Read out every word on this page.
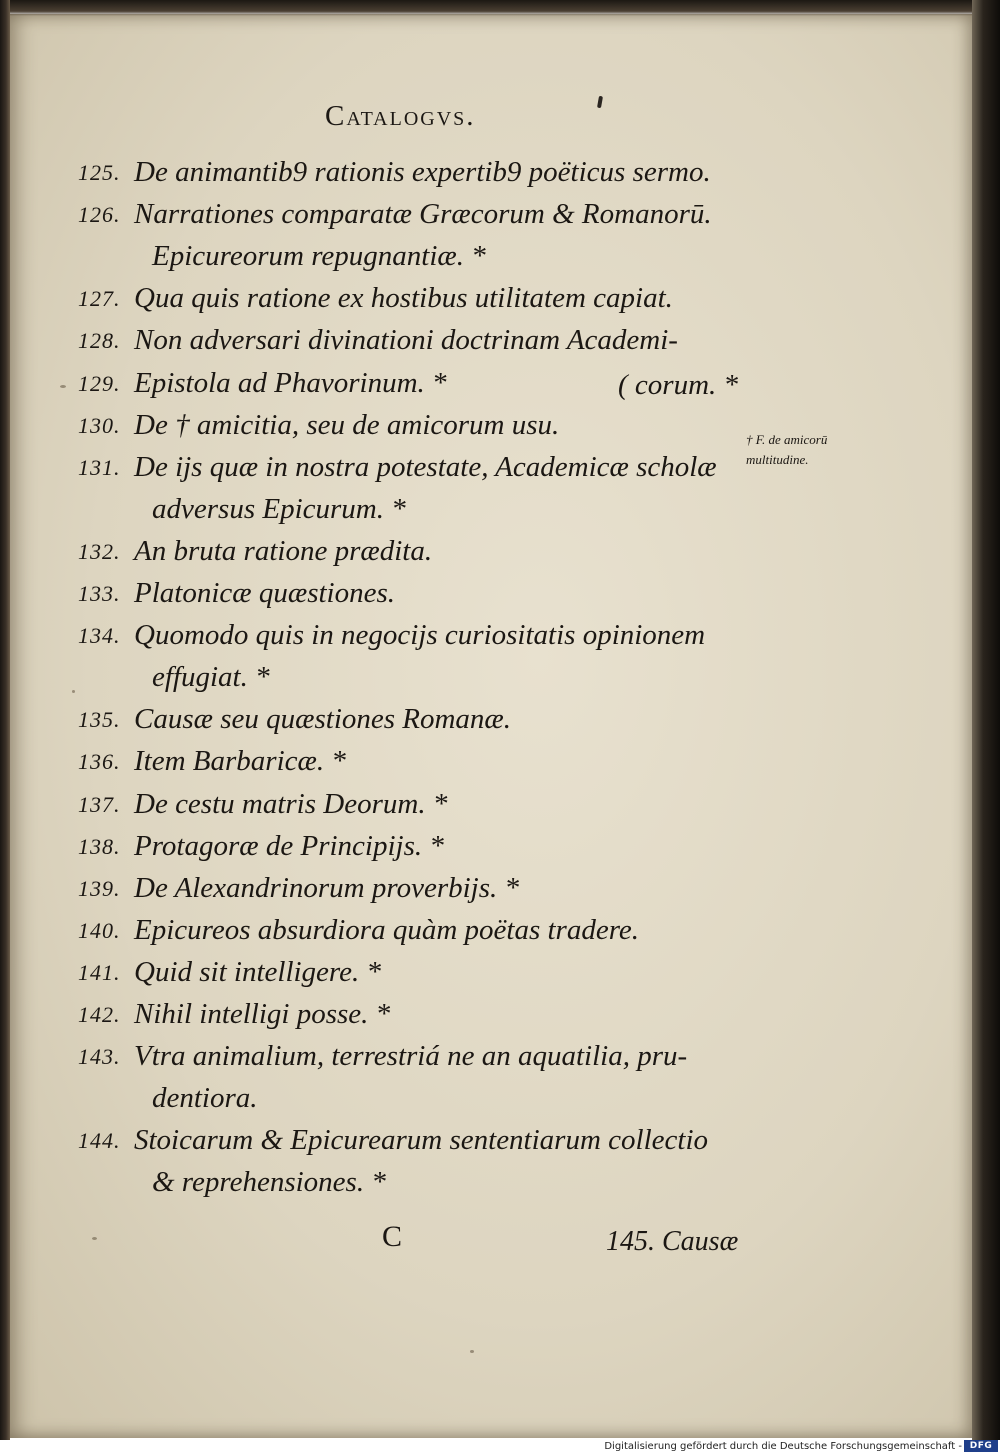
Catalogvs.
125. De animantib9 rationis expertib9 poëticus sermo.
126. Narrationes comparatæ Græcorum & Romanorū.
Epicureorum repugnantiæ. *
127. Qua quis ratione ex hostibus utilitatem capiat.
128. Non adversari divinationi doctrinam Academi-
129. Epistola ad Phavorinum. *
130. De † amicitia, seu de amicorum usu.
131. De ijs quæ in nostra potestate, Academicæ scholæ
adversus Epicurum. *
132. An bruta ratione prædita.
133. Platonicæ quæstiones.
134. Quomodo quis in negocijs curiositatis opinionem
effugiat. *
135. Causæ seu quæstiones Romanæ.
136. Item Barbaricæ. *
137. De cestu matris Deorum. *
138. Protagoræ de Principijs. *
139. De Alexandrinorum proverbijs. *
140. Epicureos absurdiora quàm poëtas tradere.
141. Quid sit intelligere. *
142. Nihil intelligi posse. *
143. Vtra animalium, terrestriá ne an aquatilia, pru-
dentiora.
144. Stoicarum & Epicurearum sententiarum collectio
& reprehensiones. *
( corum. *
† F. de amicorū
multitudine.
C	145. Causæ
Digitalisierung gefördert durch die Deutsche Forschungsgemeinschaft - DFG
